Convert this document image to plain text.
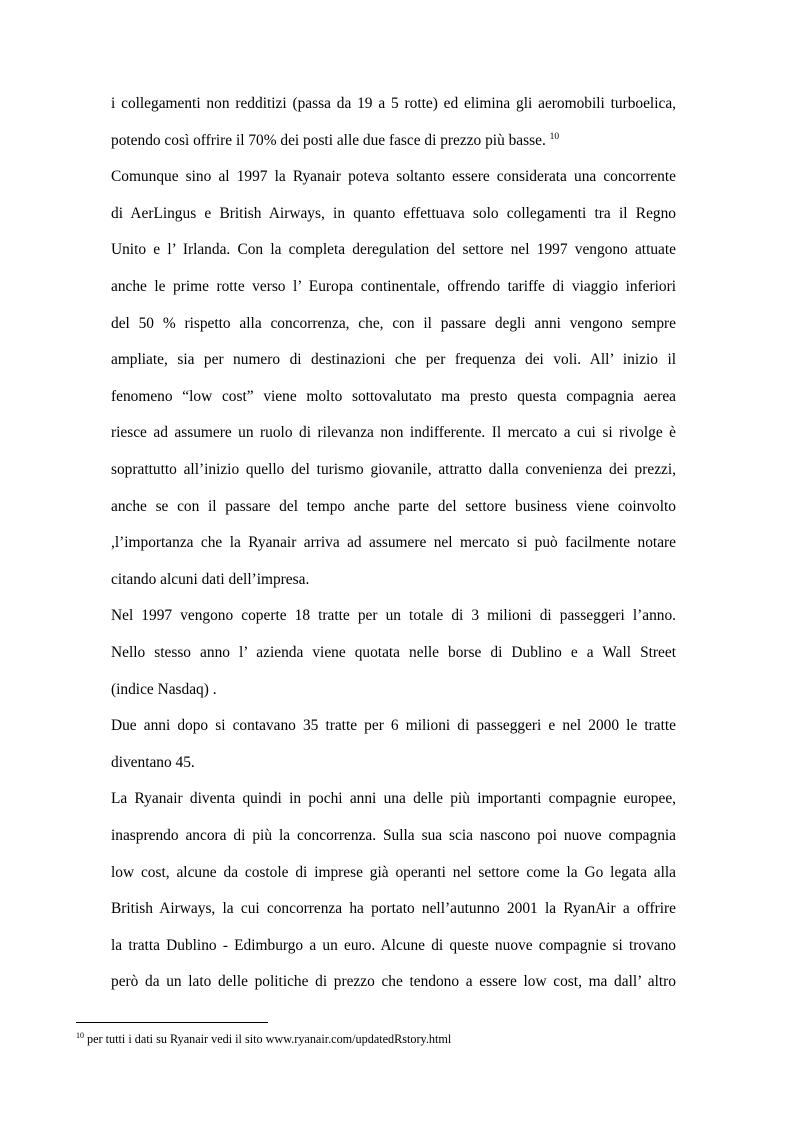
i collegamenti non redditizi (passa da 19 a 5 rotte) ed elimina gli aeromobili turboelica,

potendo così offrire il 70% dei posti alle due fasce di prezzo più basse. $^{10}$

Comunque sino al 1997 la Ryanair poteva soltanto essere considerata una concorrente

di AerLingus e British Airways, in quanto effettuava solo collegamenti tra il Regno

Unito e l’ Irlanda. Con la completa deregulation del settore nel 1997 vengono attuate

anche le prime rotte verso l’ Europa continentale, offrendo tariffe di viaggio inferiori

del 50 % rispetto alla concorrenza, che, con il passare degli anni vengono sempre

ampliate, sia per numero di destinazioni che per frequenza dei voli. All’ inizio il

fenomeno “low cost” viene molto sottovalutato ma presto questa compagnia aerea

riesce ad assumere un ruolo di rilevanza non indifferente. Il mercato a cui si rivolge è

soprattutto all’inizio quello del turismo giovanile, attratto dalla convenienza dei prezzi,

anche se con il passare del tempo anche parte del settore business viene coinvolto

,l’importanza che la Ryanair arriva ad assumere nel mercato si può facilmente notare

citando alcuni dati dell’impresa.

Nel 1997 vengono coperte 18 tratte per un totale di 3 milioni di passeggeri l’anno.

Nello stesso anno l’ azienda viene quotata nelle borse di Dublino e a Wall Street

(indice Nasdaq) .

Due anni dopo si contavano 35 tratte per 6 milioni di passeggeri e nel 2000 le tratte

diventano 45.

La Ryanair diventa quindi in pochi anni una delle più importanti compagnie europee,

inasprendo ancora di più la concorrenza. Sulla sua scia nascono poi nuove compagnia

low cost, alcune da costole di imprese già operanti nel settore come la Go legata alla

British Airways, la cui concorrenza ha portato nell’autunno 2001 la RyanAir a offrire

la tratta Dublino - Edimburgo a un euro. Alcune di queste nuove compagnie si trovano

però da un lato delle politiche di prezzo che tendono a essere low cost, ma dall’ altro

$^{10}$ per tutti i dati su Ryanair vedi il sito www.ryanair.com/updatedRstory.html
